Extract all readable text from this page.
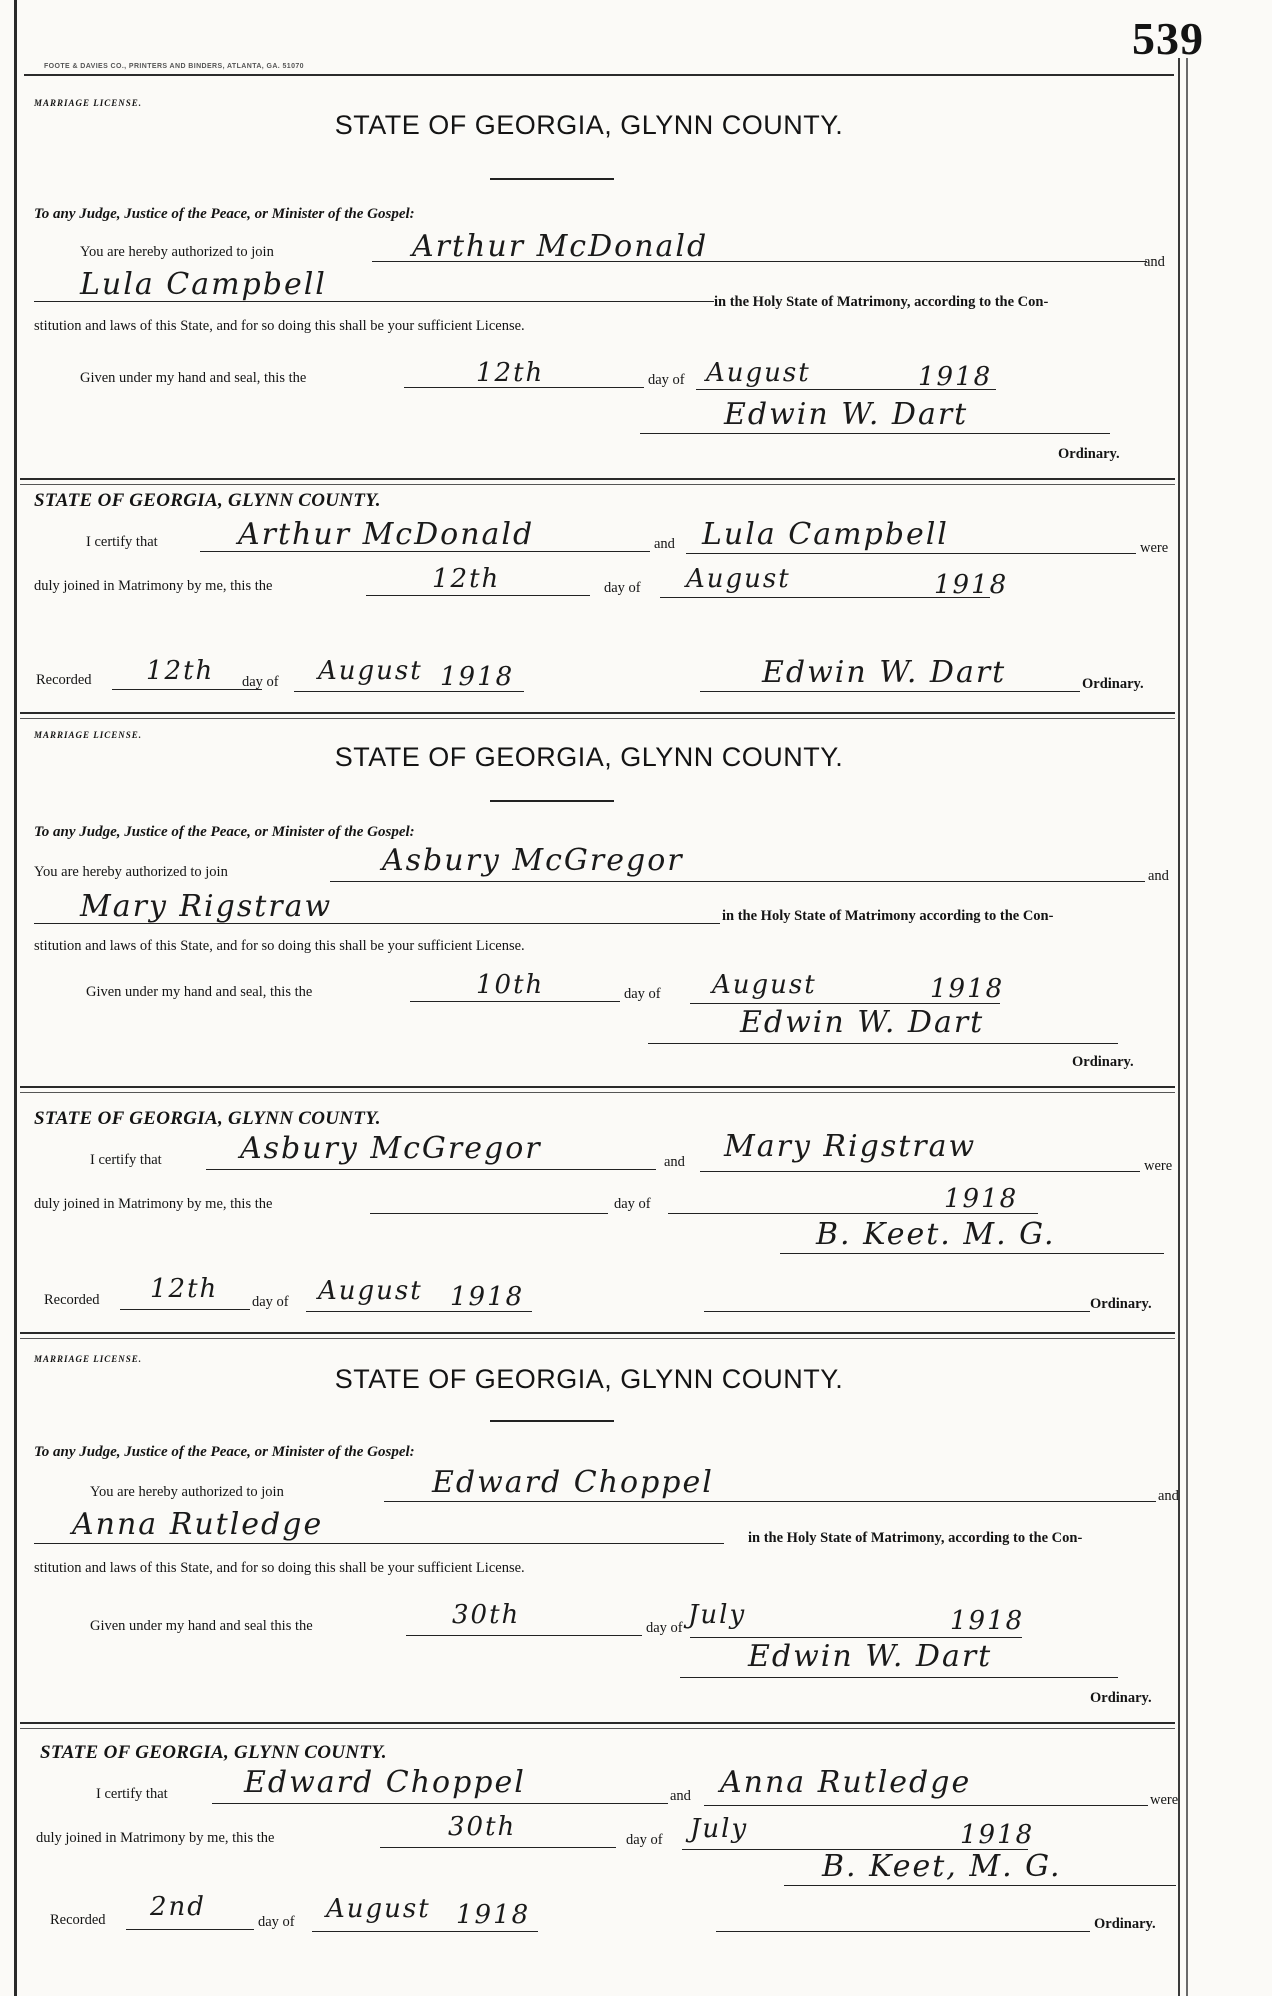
FOOTE & DAVIES CO., PRINTERS AND BINDERS, ATLANTA, GA. 51070
539
MARRIAGE LICENSE.
STATE OF GEORGIA, GLYNN COUNTY.
To any Judge, Justice of the Peace, or Minister of the Gospel:
You are hereby authorized to join	Arthur McDonald	and
Lula Campbell	in the Holy State of Matrimony, according to the Con-
stitution and laws of this State, and for so doing this shall be your sufficient License.
Given under my hand and seal, this the	12th	day of August	1918
Edwin W. Dart
Ordinary.
STATE OF GEORGIA, GLYNN COUNTY.
I certify that	Arthur McDonald	and Lula Campbell	were
duly joined in Matrimony by me, this the	12th	day of August	1918
Recorded 12th day of August 1918	Edwin W. Dart	Ordinary.
MARRIAGE LICENSE.
STATE OF GEORGIA, GLYNN COUNTY.
To any Judge, Justice of the Peace, or Minister of the Gospel:
You are hereby authorized to join	Asbury McGregor	and
Mary Rigstraw	in the Holy State of Matrimony according to the Con-
stitution and laws of this State, and for so doing this shall be your sufficient License.
Given under my hand and seal, this the	10th	day of August	1918
Edwin W. Dart
Ordinary.
STATE OF GEORGIA, GLYNN COUNTY.
I certify that	Asbury McGregor	and Mary Rigstraw
were
duly joined in Matrimony by me, this the	day of	1918
B. Keet. M. G.
Recorded 12th day of August 1918	Ordinary.
MARRIAGE LICENSE.
STATE OF GEORGIA, GLYNN COUNTY.
To any Judge, Justice of the Peace, or Minister of the Gospel:
You are hereby authorized to join	Edward Choppel	and
Anna Rutledge	in the Holy State of Matrimony, according to the Con-
stitution and laws of this State, and for so doing this shall be your sufficient License.
Given under my hand and seal this the	30th	day of July	1918
Edwin W. Dart
Ordinary.
STATE OF GEORGIA, GLYNN COUNTY.
I certify that	Edward Choppel	and Anna Rutledge	were
duly joined in Matrimony by me, this the	30th	day of July	1918
B. Keet, M. G.
Recorded 2nd	day of August 1918	Ordinary.
